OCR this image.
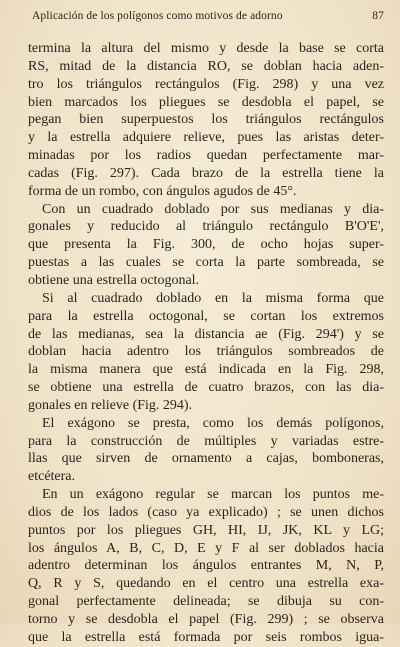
Aplicación de los polígonos como motivos de adorno	87
termina la altura del mismo y desde la base se corta
RS, mitad de la distancia RO, se doblan hacia aden-
tro los triángulos rectángulos (Fig. 298) y una vez
bien marcados los pliegues se desdobla el papel, se
pegan bien superpuestos los triángulos rectángulos
y la estrella adquiere relieve, pues las aristas deter-
minadas por los radios quedan perfectamente mar-
cadas (Fig. 297). Cada brazo de la estrella tiene la
forma de un rombo, con ángulos agudos de 45°.
Con un cuadrado doblado por sus medianas y dia-
gonales y reducido al triángulo rectángulo B'O'E',
que presenta la Fig. 300, de ocho hojas super-
puestas a las cuales se corta la parte sombreada, se
obtiene una estrella octogonal.
Si al cuadrado doblado en la misma forma que
para la estrella octogonal, se cortan los extremos
de las medianas, sea la distancia ae (Fig. 294') y se
doblan hacia adentro los triángulos sombreados de
la misma manera que está indicada en la Fig. 298,
se obtiene una estrella de cuatro brazos, con las dia-
gonales en relieve (Fig. 294).
El exágono se presta, como los demás polígonos,
para la construcción de múltiples y variadas estre-
llas que sirven de ornamento a cajas, bomboneras,
etcétera.
En un exágono regular se marcan los puntos me-
dios de los lados (caso ya explicado) ; se unen dichos
puntos por los pliegues GH, HI, IJ, JK, KL y LG;
los ángulos A, B, C, D, E y F al ser doblados hacia
adentro determinan los ángulos entrantes M, N, P,
Q, R y S, quedando en el centro una estrella exa-
gonal perfectamente delineada; se dibuja su con-
torno y se desdobla el papel (Fig. 299) ; se observa
que la estrella está formada por seis rombos igua-
